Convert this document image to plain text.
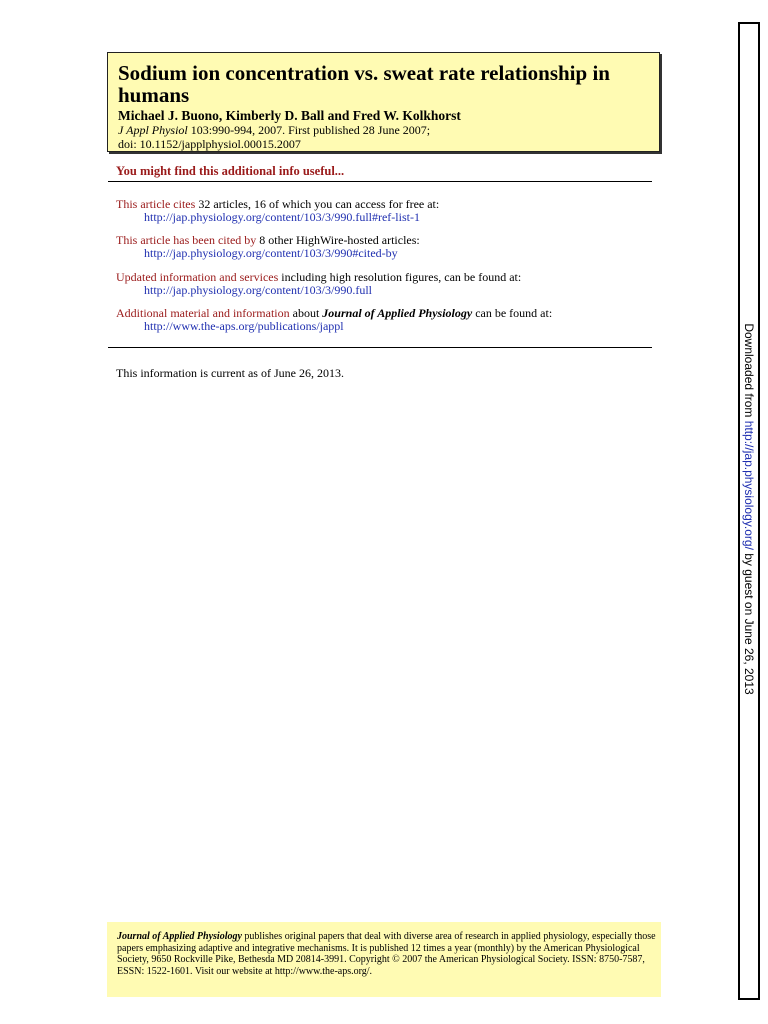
Sodium ion concentration vs. sweat rate relationship in humans
Michael J. Buono, Kimberly D. Ball and Fred W. Kolkhorst
J Appl Physiol 103:990-994, 2007. First published 28 June 2007;
doi: 10.1152/japplphysiol.00015.2007
You might find this additional info useful...
This article cites 32 articles, 16 of which you can access for free at:
http://jap.physiology.org/content/103/3/990.full#ref-list-1
This article has been cited by 8 other HighWire-hosted articles:
http://jap.physiology.org/content/103/3/990#cited-by
Updated information and services including high resolution figures, can be found at:
http://jap.physiology.org/content/103/3/990.full
Additional material and information about Journal of Applied Physiology can be found at:
http://www.the-aps.org/publications/jappl
This information is current as of June 26, 2013.	Downloaded from http://jap.physiology.org/ by guest on June 26, 2013
Journal of Applied Physiology publishes original papers that deal with diverse area of research in applied physiology, especially those papers emphasizing adaptive and integrative mechanisms. It is published 12 times a year (monthly) by the American Physiological Society, 9650 Rockville Pike, Bethesda MD 20814-3991. Copyright © 2007 the American Physiological Society. ISSN: 8750-7587, ESSN: 1522-1601. Visit our website at http://www.the-aps.org/.
